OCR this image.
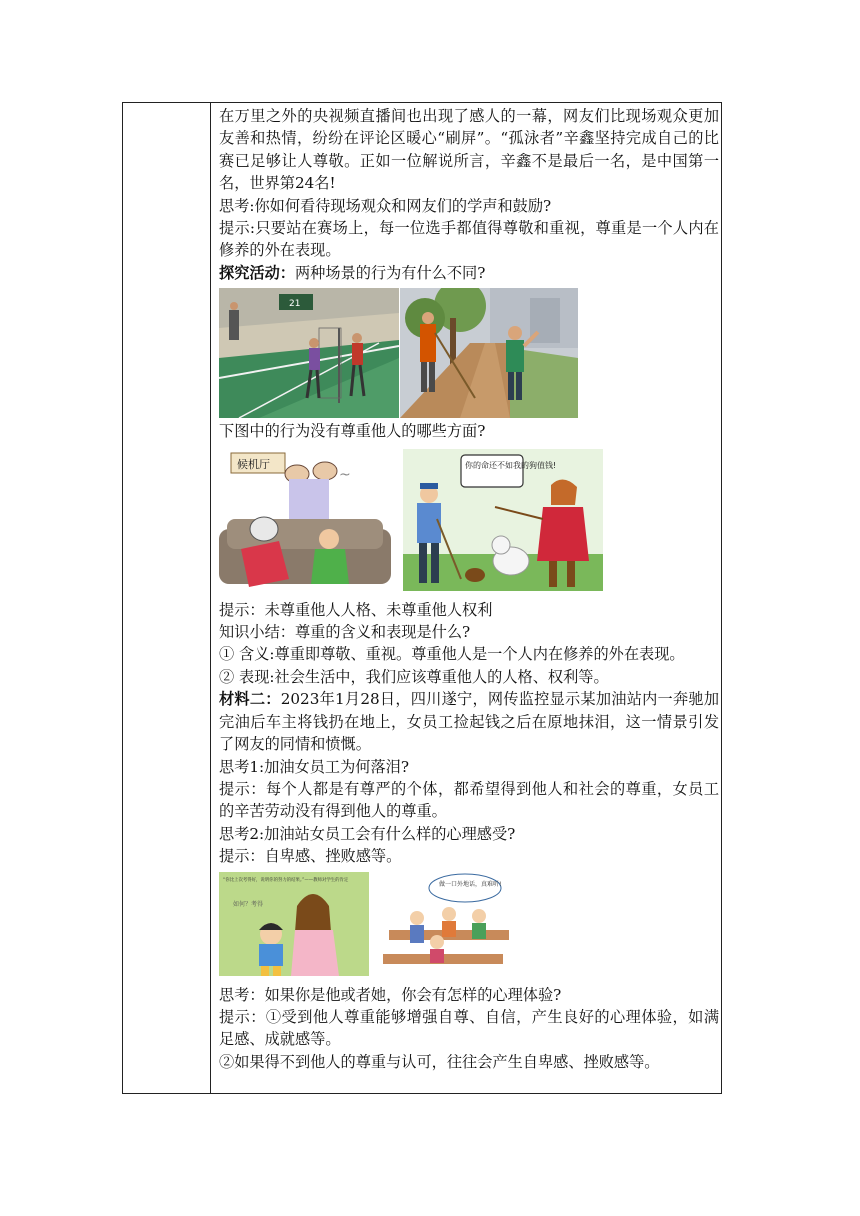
在万里之外的央视频直播间也出现了感人的一幕，网友们比现场观众更加友善和热情，纷纷在评论区暖心“刷屏”。“孤泳者”辛鑫坚持完成自己的比赛已足够让人尊敬。正如一位解说所言，辛鑫不是最后一名，是中国第一名，世界第24名!

思考:你如何看待现场观众和网友们的学声和鼓励?

提示:只要站在赛场上，每一位选手都值得尊敬和重视，尊重是一个人内在修养的外在表现。

探究活动：两种场景的行为有什么不同?

21

下图中的行为没有尊重他人的哪些方面?

候机厅
~
你的命还不如我的狗值钱!

提示：未尊重他人人格、未尊重他人权利

知识小结：尊重的含义和表现是什么?

① 含义:尊重即尊敬、重视。尊重他人是一个人内在修养的外在表现。

② 表现:社会生活中，我们应该尊重他人的人格、权利等。

材料二：2023年1月28日，四川遂宁，网传监控显示某加油站内一奔驰加完油后车主将钱扔在地上，女员工捡起钱之后在原地抹泪，这一情景引发了网友的同情和愤慨。

思考1:加油女员工为何落泪?

提示：每个人都是有尊严的个体，都希望得到他人和社会的尊重，女员工的辛苦劳动没有得到他人的尊重。

思考2:加油站女员工会有什么样的心理感受?

提示：自卑感、挫败感等。

“你比上次考得好，说明你的努力的结果。”——教师对学生的肯定
如何？考得
做一口外地话，真难听!

思考：如果你是他或者她，你会有怎样的心理体验?

提示：①受到他人尊重能够增强自尊、自信，产生良好的心理体验，如满足感、成就感等。

②如果得不到他人的尊重与认可，往往会产生自卑感、挫败感等。
